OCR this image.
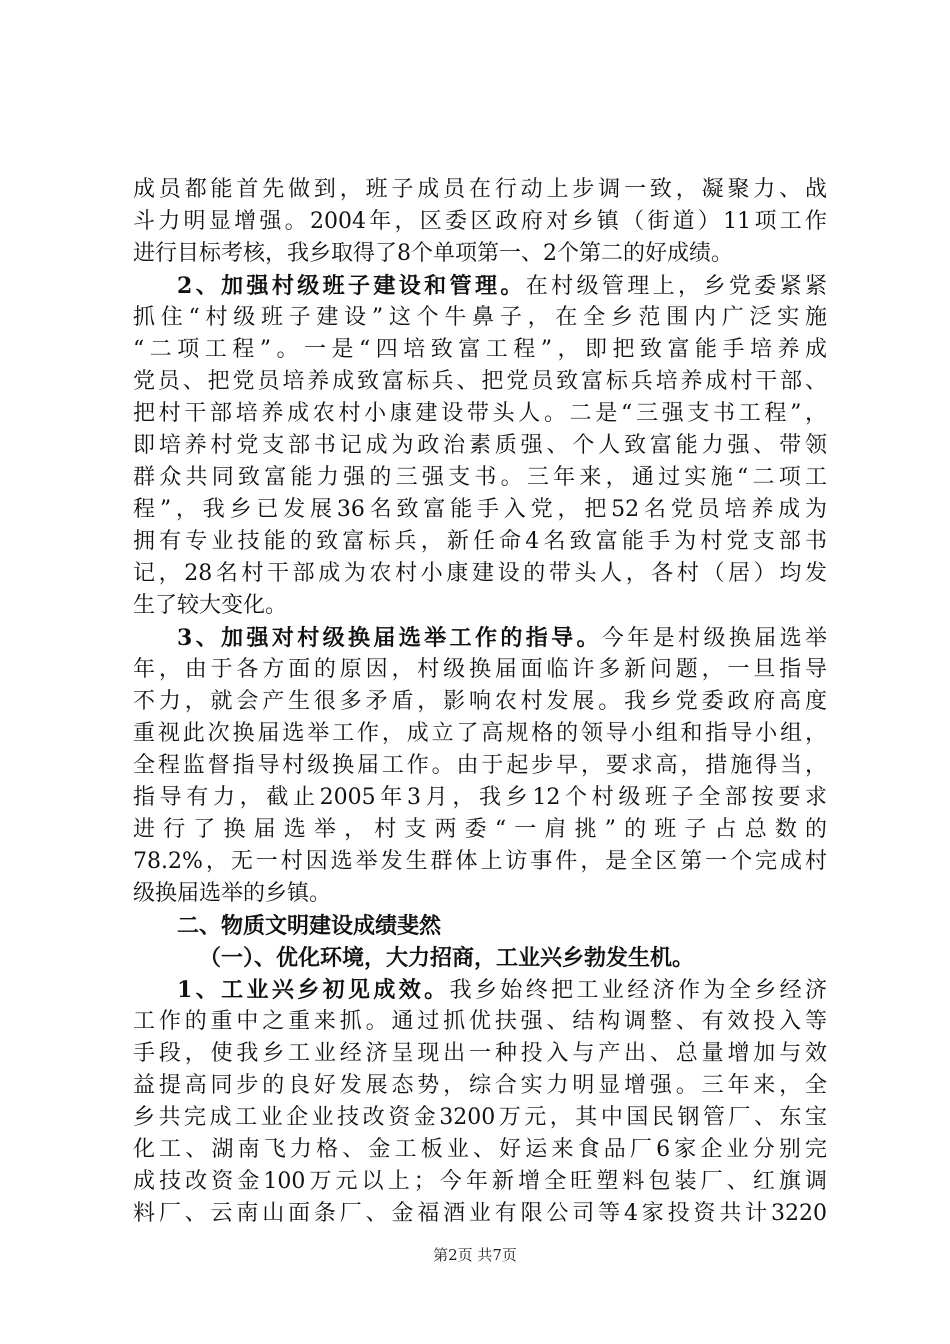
成员都能首先做到，班子成员在行动上步调一致，凝聚力、战
斗力明显增强。2004年，区委区政府对乡镇（街道）11项工作
进行目标考核，我乡取得了8个单项第一、2个第二的好成绩。
2、加强村级班子建设和管理。在村级管理上，乡党委紧紧
抓住“村级班子建设”这个牛鼻子，在全乡范围内广泛实施
“二项工程”。一是“四培致富工程”，即把致富能手培养成
党员、把党员培养成致富标兵、把党员致富标兵培养成村干部、
把村干部培养成农村小康建设带头人。二是“三强支书工程”，
即培养村党支部书记成为政治素质强、个人致富能力强、带领
群众共同致富能力强的三强支书。三年来，通过实施“二项工
程”，我乡已发展36名致富能手入党，把52名党员培养成为
拥有专业技能的致富标兵，新任命4名致富能手为村党支部书
记，28名村干部成为农村小康建设的带头人，各村（居）均发
生了较大变化。
3、加强对村级换届选举工作的指导。今年是村级换届选举
年，由于各方面的原因，村级换届面临许多新问题，一旦指导
不力，就会产生很多矛盾，影响农村发展。我乡党委政府高度
重视此次换届选举工作，成立了高规格的领导小组和指导小组，
全程监督指导村级换届工作。由于起步早，要求高，措施得当，
指导有力，截止2005年3月，我乡12个村级班子全部按要求
进行了换届选举，村支两委“一肩挑”的班子占总数的
78.2%，无一村因选举发生群体上访事件，是全区第一个完成村
级换届选举的乡镇。
二、物质文明建设成绩斐然
（一）、优化环境，大力招商，工业兴乡勃发生机。
1、工业兴乡初见成效。我乡始终把工业经济作为全乡经济
工作的重中之重来抓。通过抓优扶强、结构调整、有效投入等
手段，使我乡工业经济呈现出一种投入与产出、总量增加与效
益提高同步的良好发展态势，综合实力明显增强。三年来，全
乡共完成工业企业技改资金3200万元，其中国民钢管厂、东宝
化工、湖南飞力格、金工板业、好运来食品厂6家企业分别完
成技改资金100万元以上；今年新增全旺塑料包装厂、红旗调
料厂、云南山面条厂、金福酒业有限公司等4家投资共计3220
第2页 共7页
